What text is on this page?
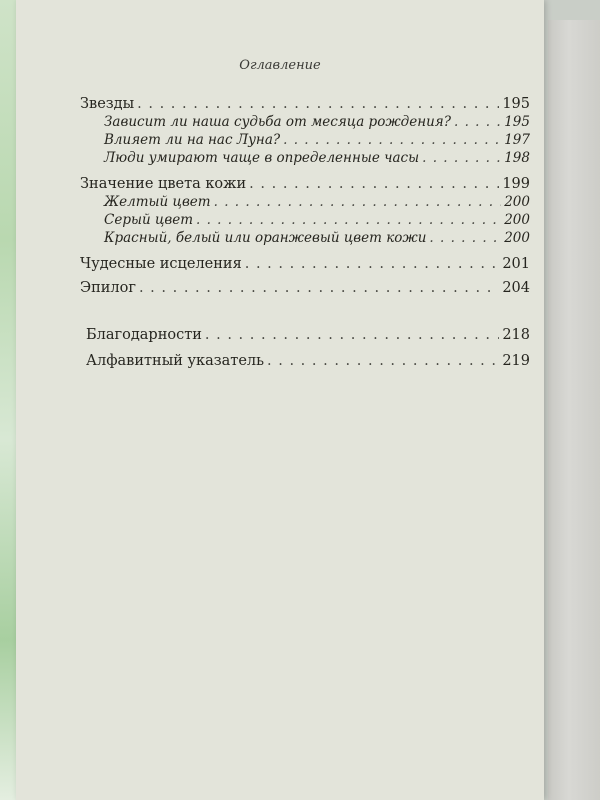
Оглавление
Звезды . . .	195
Зависит ли наша судьба от месяца рождения? . . .	195
Влияет ли на нас Луна? . . .	197
Люди умирают чаще в определенные часы . . .	198
Значение цвета кожи . . .	199
Желтый цвет . . .	200
Серый цвет . . .	200
Красный, белый или оранжевый цвет кожи . . .	200
Чудесные исцеления . . .	201
Эпилог . . .	204
Благодарности . . .	218
Алфавитный указатель . . .	219
